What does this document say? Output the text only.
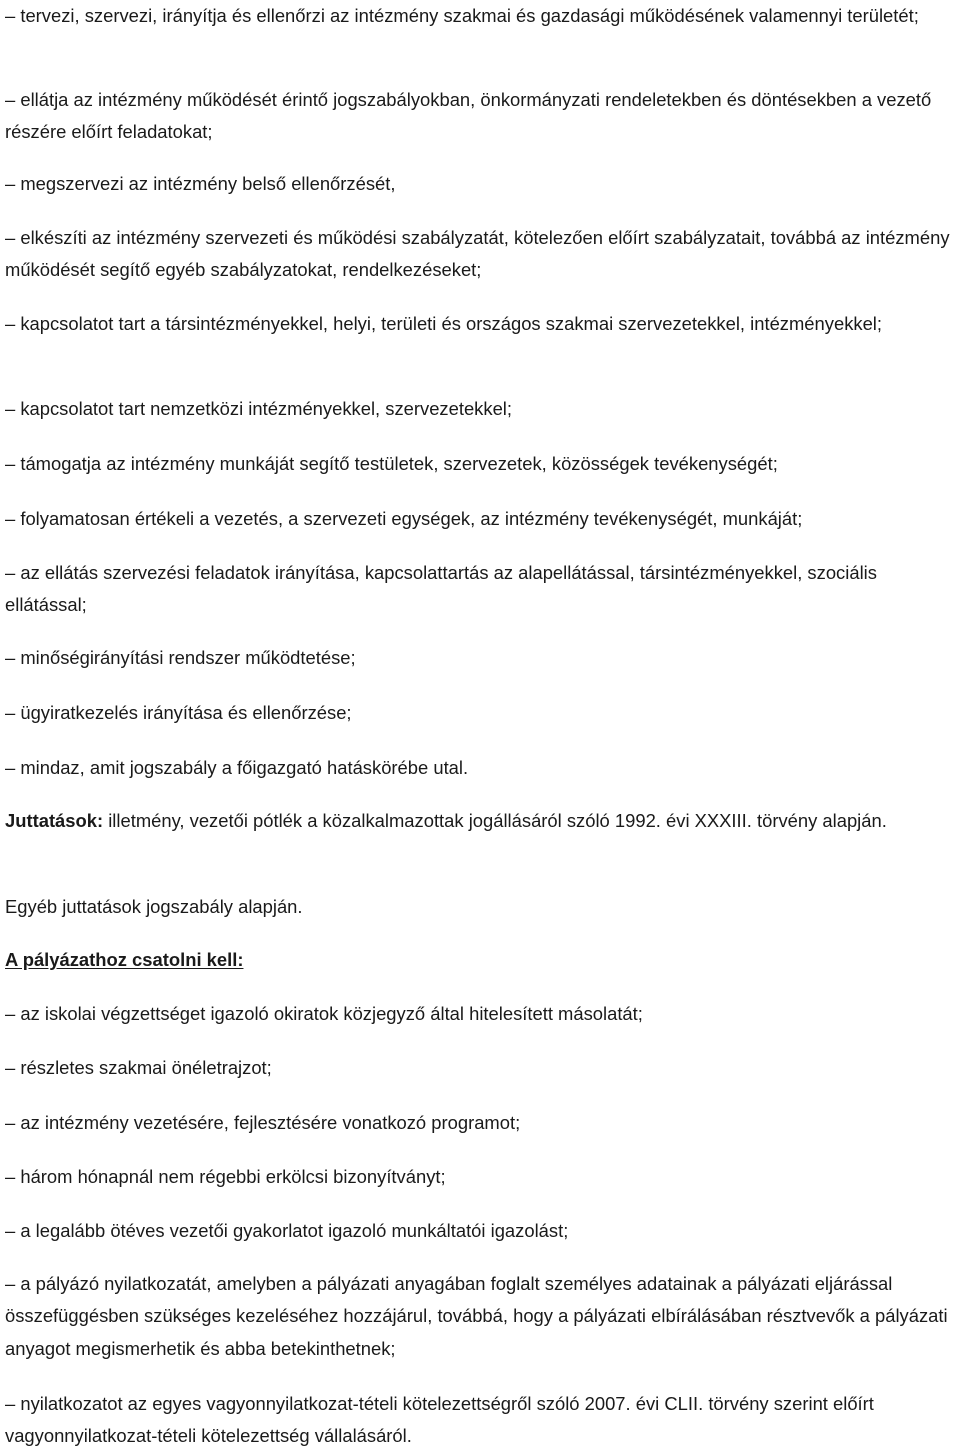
– tervezi, szervezi, irányítja és ellenőrzi az intézmény szakmai és gazdasági működésének valamennyi területét;
– ellátja az intézmény működését érintő jogszabályokban, önkormányzati rendeletekben és döntésekben a vezető részére előírt feladatokat;
– megszervezi az intézmény belső ellenőrzését,
– elkészíti az intézmény szervezeti és működési szabályzatát, kötelezően előírt szabályzatait, továbbá az intézmény működését segítő egyéb szabályzatokat, rendelkezéseket;
– kapcsolatot tart a társintézményekkel, helyi, területi és országos szakmai szervezetekkel, intézményekkel;
– kapcsolatot tart nemzetközi intézményekkel, szervezetekkel;
– támogatja az intézmény munkáját segítő testületek, szervezetek, közösségek tevékenységét;
– folyamatosan értékeli a vezetés, a szervezeti egységek, az intézmény tevékenységét, munkáját;
– az ellátás szervezési feladatok irányítása, kapcsolattartás az alapellátással, társintézményekkel, szociális ellátással;
– minőségirányítási rendszer működtetése;
– ügyiratkezelés irányítása és ellenőrzése;
– mindaz, amit jogszabály a főigazgató hatáskörébe utal.
Juttatások: illetmény, vezetői pótlék a közalkalmazottak jogállásáról szóló 1992. évi XXXIII. törvény alapján.
Egyéb juttatások jogszabály alapján.
A pályázathoz csatolni kell:
– az iskolai végzettséget igazoló okiratok közjegyző által hitelesített másolatát;
– részletes szakmai önéletrajzot;
– az intézmény vezetésére, fejlesztésére vonatkozó programot;
– három hónapnál nem régebbi erkölcsi bizonyítványt;
– a legalább ötéves vezetői gyakorlatot igazoló munkáltatói igazolást;
– a pályázó nyilatkozatát, amelyben a pályázati anyagában foglalt személyes adatainak a pályázati eljárással összefüggésben szükséges kezeléséhez hozzájárul, továbbá, hogy a pályázati elbírálásában résztvevők a pályázati anyagot megismerhetik és abba betekinthetnek;
– nyilatkozatot az egyes vagyonnyilatkozat-tételi kötelezettségről szóló 2007. évi CLII. törvény szerint előírt vagyonnyilatkozat-tételi kötelezettség vállalásáról.
